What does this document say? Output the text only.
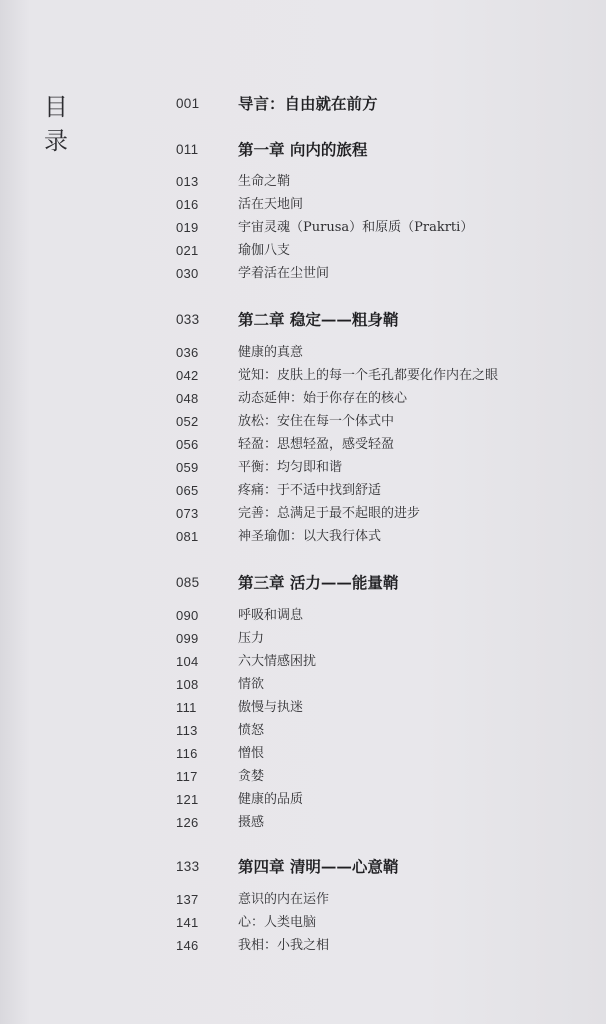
目
录
001 导言：自由就在前方
011	第一章 向内的旅程
013	生命之鞘
016	活在天地间
019	宇宙灵魂（Purusa）和原质（Prakrti）
021	瑜伽八支
030	学着活在尘世间
033 第二章 稳定——粗身鞘
036	健康的真意
042	觉知：皮肤上的每一个毛孔都要化作内在之眼
048	动态延伸：始于你存在的核心
052	放松：安住在每一个体式中
056	轻盈：思想轻盈，感受轻盈
059	平衡：均匀即和谐
065	疼痛：于不适中找到舒适
073	完善：总满足于最不起眼的进步
081	神圣瑜伽：以大我行体式
085 第三章 活力——能量鞘
090	呼吸和调息
099	压力
104	六大情感困扰
108	情欲
111	傲慢与执迷
113	愤怒
116	憎恨
117	贪婪
121	健康的品质
126	摄感
133 第四章 清明——心意鞘
137	意识的内在运作
141	心：人类电脑
146	我相：小我之相
